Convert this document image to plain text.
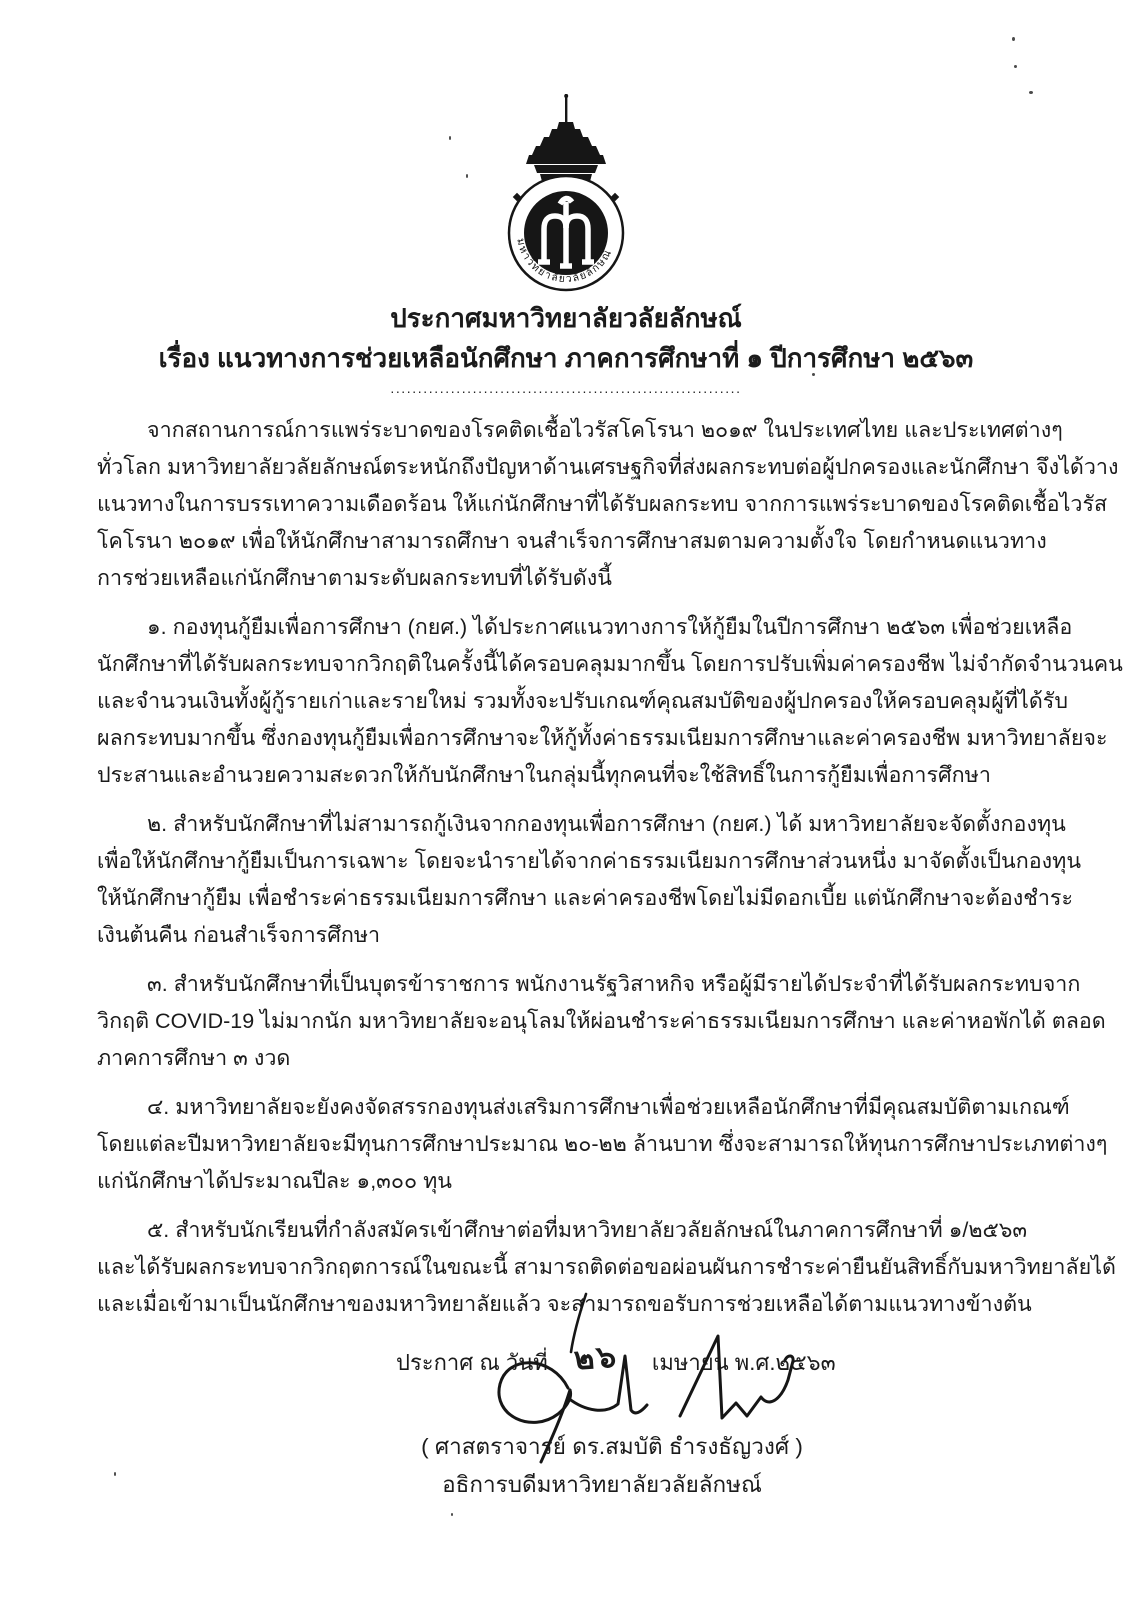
มหาวิทยาลัยวลัยลักษณ์
ประกาศมหาวิทยาลัยวลัยลักษณ์
เรื่อง แนวทางการช่วยเหลือนักศึกษา ภาคการศึกษาที่ ๑ ปีการศึกษา ๒๕๖๓
................................................................

จากสถานการณ์การแพร่ระบาดของโรคติดเชื้อไวรัสโคโรนา ๒๐๑๙ ในประเทศไทย และประเทศต่างๆ
ทั่วโลก มหาวิทยาลัยวลัยลักษณ์ตระหนักถึงปัญหาด้านเศรษฐกิจที่ส่งผลกระทบต่อผู้ปกครองและนักศึกษา จึงได้วาง
แนวทางในการบรรเทาความเดือดร้อน ให้แก่นักศึกษาที่ได้รับผลกระทบ จากการแพร่ระบาดของโรคติดเชื้อไวรัส
โคโรนา ๒๐๑๙ เพื่อให้นักศึกษาสามารถศึกษา จนสำเร็จการศึกษาสมตามความตั้งใจ โดยกำหนดแนวทาง
การช่วยเหลือแก่นักศึกษาตามระดับผลกระทบที่ได้รับดังนี้

๑. กองทุนกู้ยืมเพื่อการศึกษา (กยศ.) ได้ประกาศแนวทางการให้กู้ยืมในปีการศึกษา ๒๕๖๓ เพื่อช่วยเหลือ
นักศึกษาที่ได้รับผลกระทบจากวิกฤติในครั้งนี้ได้ครอบคลุมมากขึ้น โดยการปรับเพิ่มค่าครองชีพ ไม่จำกัดจำนวนคน
และจำนวนเงินทั้งผู้กู้รายเก่าและรายใหม่ รวมทั้งจะปรับเกณฑ์คุณสมบัติของผู้ปกครองให้ครอบคลุมผู้ที่ได้รับ
ผลกระทบมากขึ้น ซึ่งกองทุนกู้ยืมเพื่อการศึกษาจะให้กู้ทั้งค่าธรรมเนียมการศึกษาและค่าครองชีพ มหาวิทยาลัยจะ
ประสานและอำนวยความสะดวกให้กับนักศึกษาในกลุ่มนี้ทุกคนที่จะใช้สิทธิ์ในการกู้ยืมเพื่อการศึกษา

๒. สำหรับนักศึกษาที่ไม่สามารถกู้เงินจากกองทุนเพื่อการศึกษา (กยศ.) ได้ มหาวิทยาลัยจะจัดตั้งกองทุน
เพื่อให้นักศึกษากู้ยืมเป็นการเฉพาะ โดยจะนำรายได้จากค่าธรรมเนียมการศึกษาส่วนหนึ่ง มาจัดตั้งเป็นกองทุน
ให้นักศึกษากู้ยืม เพื่อชำระค่าธรรมเนียมการศึกษา และค่าครองชีพโดยไม่มีดอกเบี้ย แต่นักศึกษาจะต้องชำระ
เงินต้นคืน ก่อนสำเร็จการศึกษา

๓. สำหรับนักศึกษาที่เป็นบุตรข้าราชการ พนักงานรัฐวิสาหกิจ หรือผู้มีรายได้ประจำที่ได้รับผลกระทบจาก
วิกฤติ COVID-19 ไม่มากนัก มหาวิทยาลัยจะอนุโลมให้ผ่อนชำระค่าธรรมเนียมการศึกษา และค่าหอพักได้ ตลอด
ภาคการศึกษา ๓ งวด

๔. มหาวิทยาลัยจะยังคงจัดสรรกองทุนส่งเสริมการศึกษาเพื่อช่วยเหลือนักศึกษาที่มีคุณสมบัติตามเกณฑ์
โดยแต่ละปีมหาวิทยาลัยจะมีทุนการศึกษาประมาณ ๒๐-๒๒ ล้านบาท ซึ่งจะสามารถให้ทุนการศึกษาประเภทต่างๆ
แก่นักศึกษาได้ประมาณปีละ ๑,๓๐๐ ทุน

๕. สำหรับนักเรียนที่กำลังสมัครเข้าศึกษาต่อที่มหาวิทยาลัยวลัยลักษณ์ในภาคการศึกษาที่ ๑/๒๕๖๓
และได้รับผลกระทบจากวิกฤตการณ์ในขณะนี้ สามารถติดต่อขอผ่อนผันการชำระค่ายืนยันสิทธิ์กับมหาวิทยาลัยได้
และเมื่อเข้ามาเป็นนักศึกษาของมหาวิทยาลัยแล้ว จะสามารถขอรับการช่วยเหลือได้ตามแนวทางข้างต้น

ประกาศ ณ วันที่ ๒๖ เมษายน พ.ศ.๒๕๖๓
( ศาสตราจารย์ ดร.สมบัติ ธำรงธัญวงศ์ )
อธิการบดีมหาวิทยาลัยวลัยลักษณ์
